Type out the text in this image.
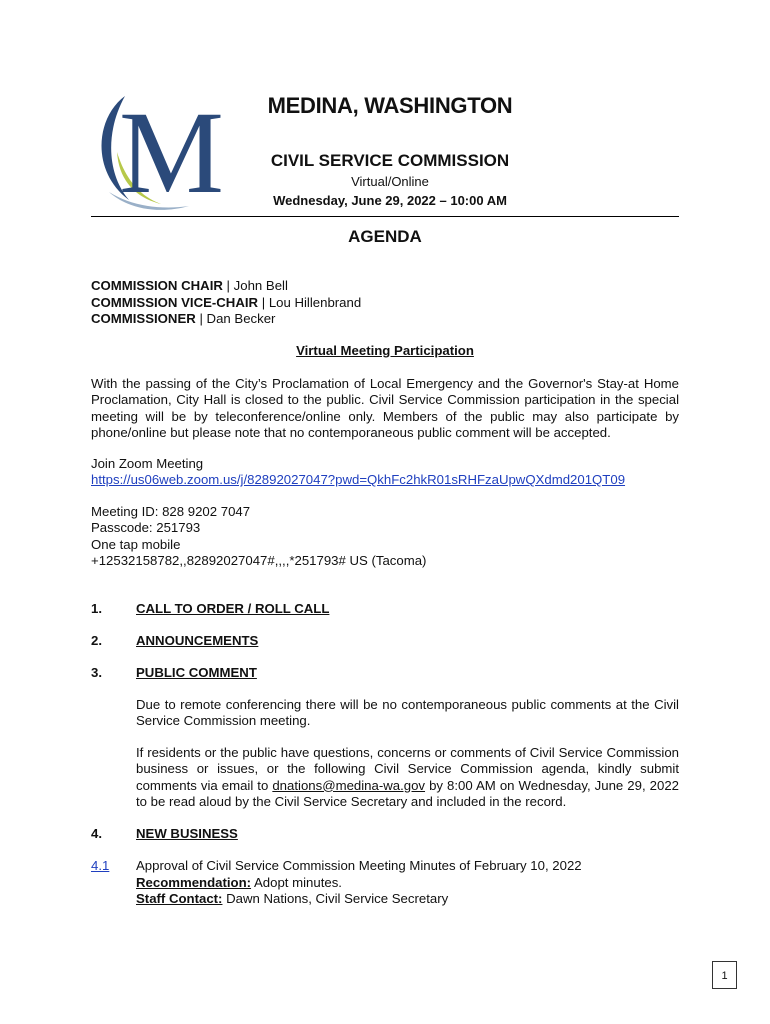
M	MEDINA, WASHINGTON
CIVIL SERVICE COMMISSION
Virtual/Online
Wednesday, June 29, 2022 – 10:00 AM
AGENDA
COMMISSION CHAIR | John Bell
COMMISSION VICE-CHAIR | Lou Hillenbrand
COMMISSIONER | Dan Becker
Virtual Meeting Participation
With the passing of the City’s Proclamation of Local Emergency and the Governor's Stay-at Home Proclamation, City Hall is closed to the public. Civil Service Commission participation in the special meeting will be by teleconference/online only. Members of the public may also participate by phone/online but please note that no contemporaneous public comment will be accepted.
Join Zoom Meeting
https://us06web.zoom.us/j/82892027047?pwd=QkhFc2hkR01sRHFzaUpwQXdmd201QT09
Meeting ID: 828 9202 7047
Passcode: 251793
One tap mobile
+12532158782,,82892027047#,,,,*251793# US (Tacoma)
1.	CALL TO ORDER / ROLL CALL
2.	ANNOUNCEMENTS
3.	PUBLIC COMMENT
Due to remote conferencing there will be no contemporaneous public comments at the Civil Service Commission meeting.
If residents or the public have questions, concerns or comments of Civil Service Commission business or issues, or the following Civil Service Commission agenda, kindly submit comments via email to dnations@medina-wa.gov by 8:00 AM on Wednesday, June 29, 2022 to be read aloud by the Civil Service Secretary and included in the record.
4.	NEW BUSINESS
4.1 Approval of Civil Service Commission Meeting Minutes of February 10, 2022
Recommendation: Adopt minutes.
Staff Contact: Dawn Nations, Civil Service Secretary
1
